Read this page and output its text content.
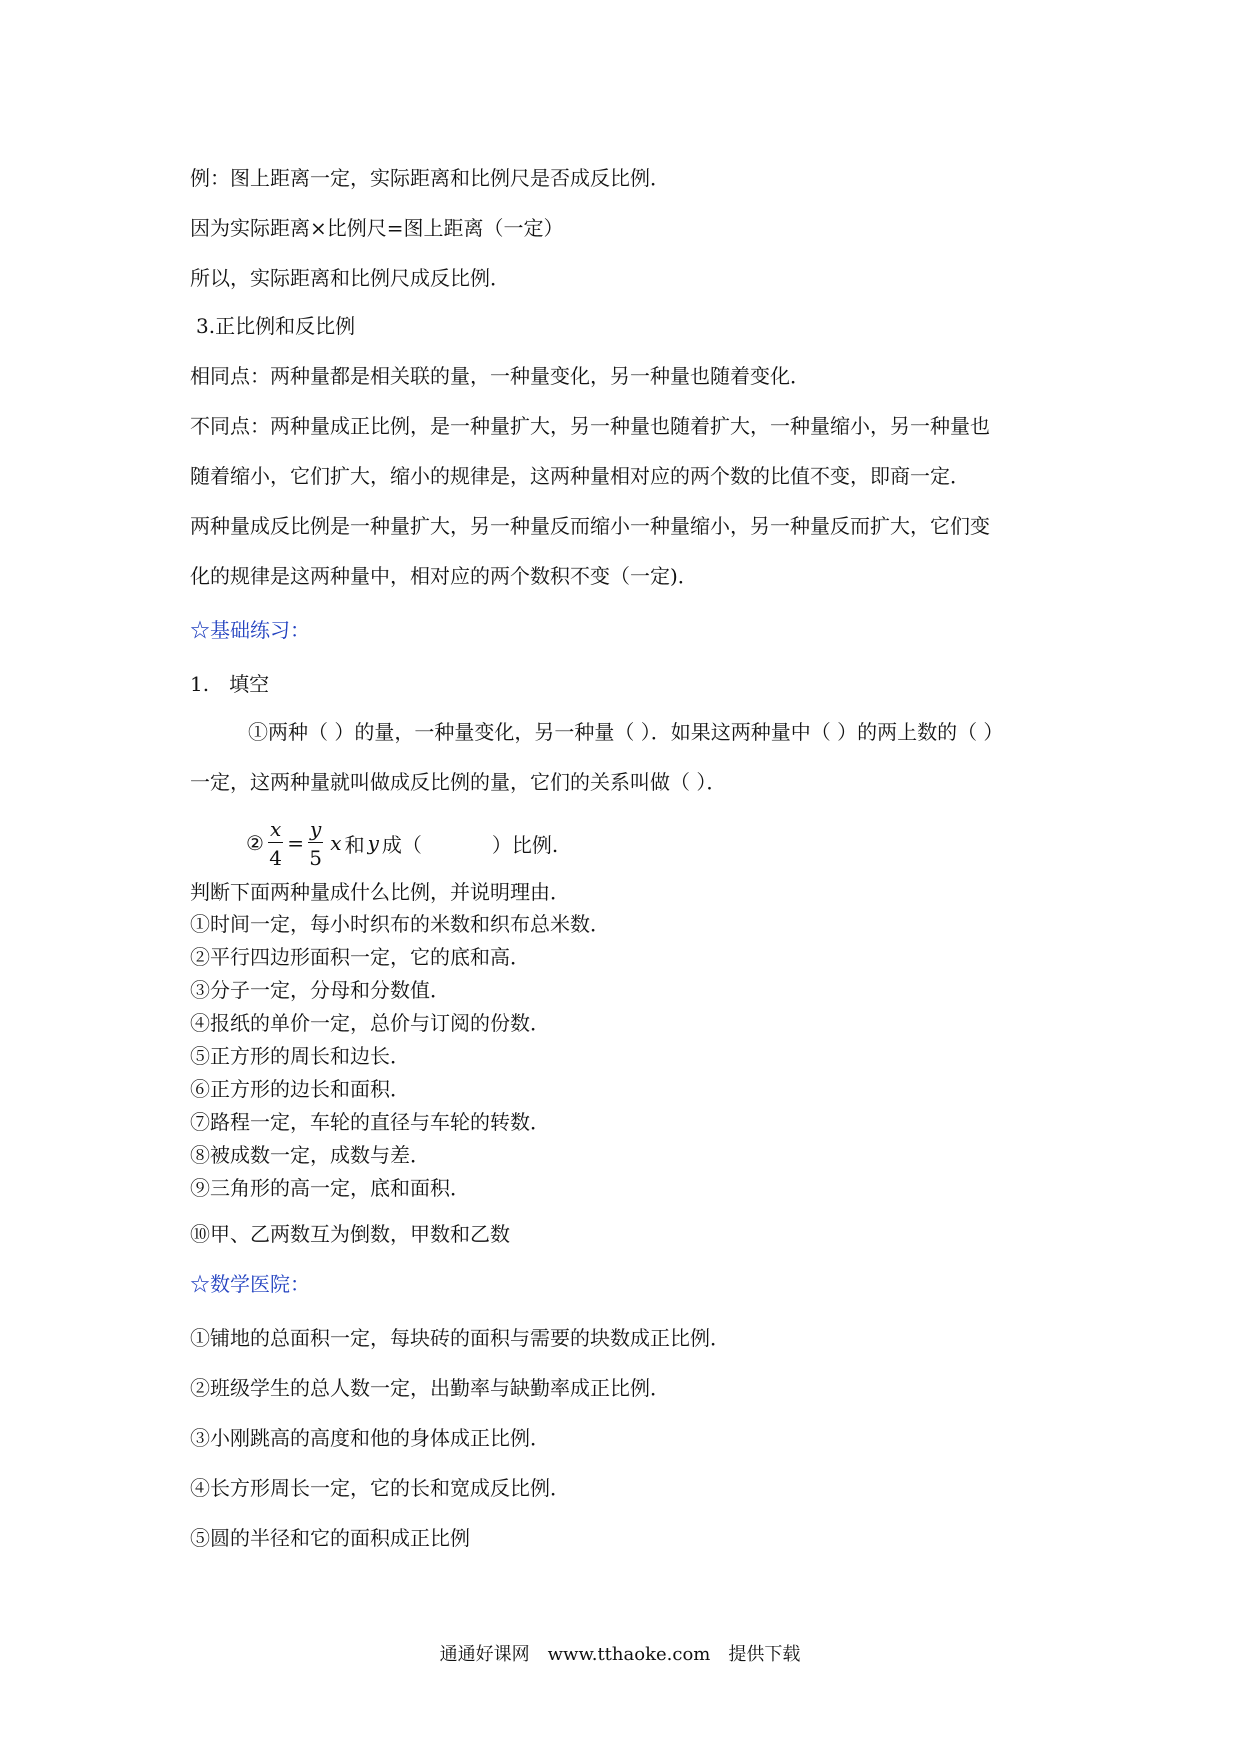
例：图上距离一定，实际距离和比例尺是否成反比例．
因为实际距离×比例尺=图上距离（一定）
所以，实际距离和比例尺成反比例．
3.正比例和反比例
相同点：两种量都是相关联的量，一种量变化，另一种量也随着变化．
不同点：两种量成正比例，是一种量扩大，另一种量也随着扩大，一种量缩小，另一种量也
随着缩小，它们扩大，缩小的规律是，这两种量相对应的两个数的比值不变，即商一定．
两种量成反比例是一种量扩大，另一种量反而缩小一种量缩小，另一种量反而扩大，它们变
化的规律是这两种量中，相对应的两个数积不变（一定)．
☆基础练习：
1.　填空
①两种（ ）的量，一种量变化，另一种量（ ）．如果这两种量中（ ）的两上数的（ ）
一定，这两种量就叫做成反比例的量，它们的关系叫做（ ）．
② $\frac{x}{4} = \frac{y}{5}$ x 和 y 成（	）比例.
判断下面两种量成什么比例，并说明理由．
①时间一定，每小时织布的米数和织布总米数．
②平行四边形面积一定，它的底和高．
③分子一定，分母和分数值．
④报纸的单价一定，总价与订阅的份数．
⑤正方形的周长和边长．
⑥正方形的边长和面积．
⑦路程一定，车轮的直径与车轮的转数．
⑧被成数一定，成数与差．
⑨三角形的高一定，底和面积．
⑩甲、乙两数互为倒数，甲数和乙数
☆数学医院：
①铺地的总面积一定，每块砖的面积与需要的块数成正比例．
②班级学生的总人数一定，出勤率与缺勤率成正比例．
③小刚跳高的高度和他的身体成正比例．
④长方形周长一定，它的长和宽成反比例．
⑤圆的半径和它的面积成正比例
通通好课网　www.tthaoke.com　提供下载
